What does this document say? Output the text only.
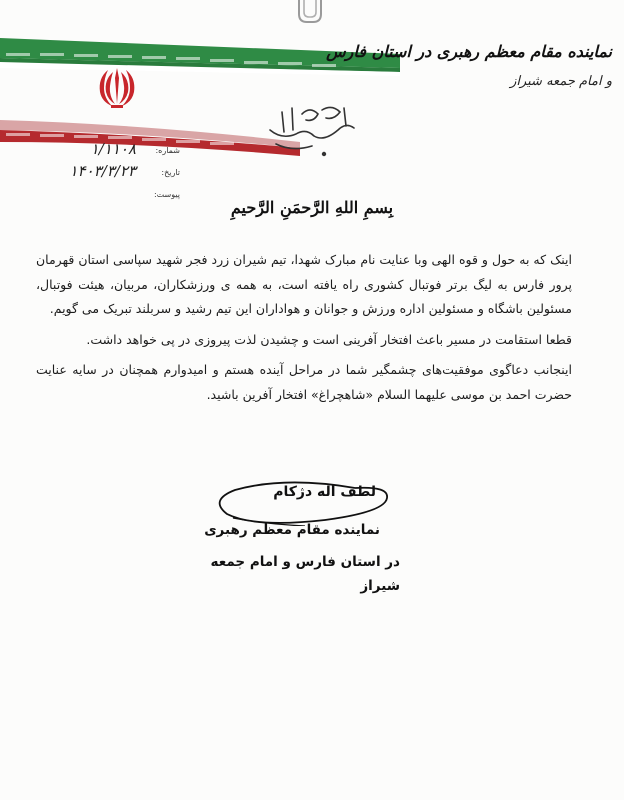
نماینده مقام معظم رهبری در استان فارس
و امام جمعه شیراز
شماره:
۱/۱۱۰۸
تاریخ:
۱۴۰۳/۳/۲۳
پیوست:
بِسمِ اللهِ الرَّحمَنِ الرَّحیمِ

اینک که به حول و قوه الهی وبا عنایت نام مبارک شهدا، تیم شیران زرد فجر شهید سپاسی استان قهرمان پرور فارس به لیگ برتر فوتبال کشوری راه یافته است، به همه ی ورزشکاران، مربیان، هیئت فوتبال، مسئولین باشگاه و مسئولین اداره ورزش و جوانان و هواداران این تیم رشید و سربلند تبریک می گویم.

قطعا استقامت در مسیر باعث افتخار آفرینی است و چشیدن لذت پیروزی در پی خواهد داشت.

اینجانب دعاگوی موفقیت‌های چشمگیر شما در مراحل آینده هستم و امیدوارم همچنان در سایه عنایت حضرت احمد بن موسی علیهما السلام «شاهچراغ» افتخار آفرین باشید.

لطف اله دژکام
نماینده مقام معظم رهبری
در استان فارس و امام جمعه شیراز
